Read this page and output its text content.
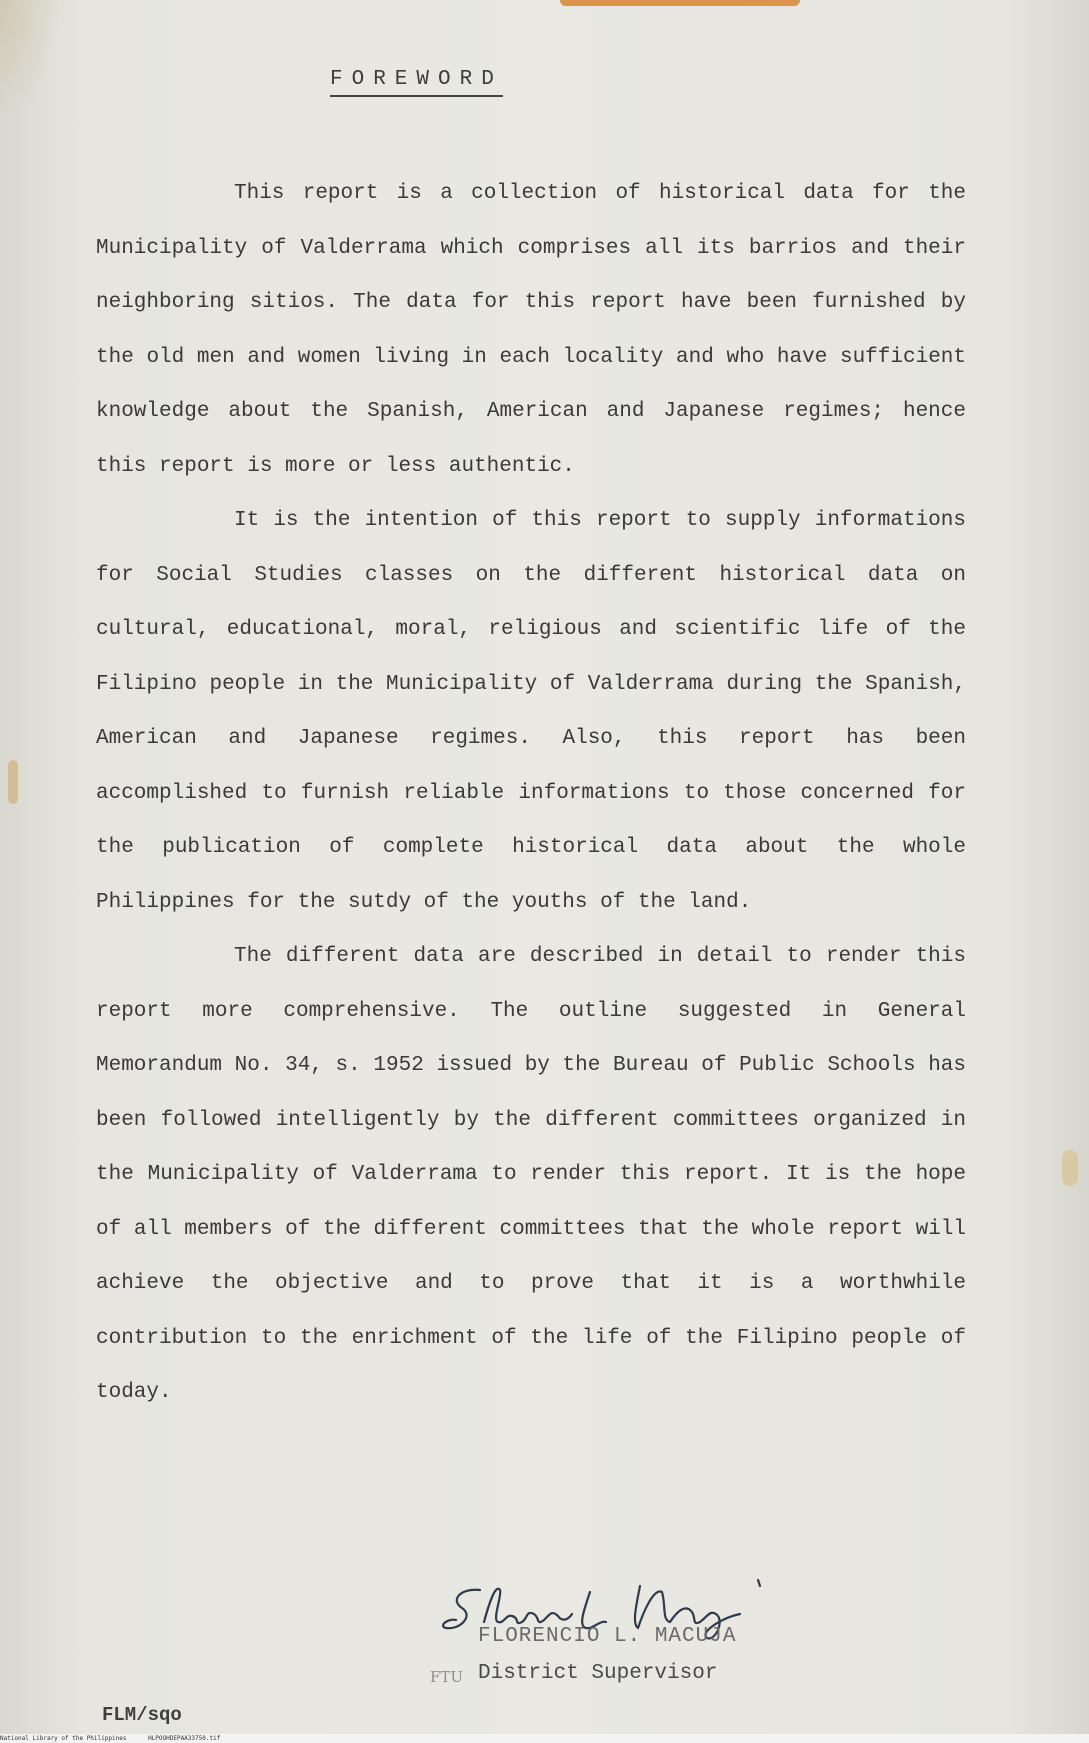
FOREWORD

This report is a collection of historical data for the Municipality of Valderrama which comprises all its barrios and their neighboring sitios. The data for this report have been furnished by the old men and women living in each locality and who have sufficient knowledge about the Spanish, American and Japanese regimes; hence this report is more or less authentic.

It is the intention of this report to supply informations for Social Studies classes on the different historical data on cultural, educational, moral, religious and scientific life of the Filipino people in the Municipality of Valderrama during the Spanish, American and Japanese regimes. Also, this report has been accomplished to furnish reliable informations to those concerned for the publication of complete historical data about the whole Philippines for the sutdy of the youths of the land.

The different data are described in detail to render this report more comprehensive. The outline suggested in General Memorandum No. 34, s. 1952 issued by the Bureau of Public Schools has been followed intelligently by the different committees organized in the Municipality of Valderrama to render this report. It is the hope of all members of the different committees that the whole report will achieve the objective and to prove that it is a worthwhile contribution to the enrichment of the life of the Filipino people of today.

FLORENCIO L. MACUJA
FTU District Supervisor
FLM/sqo
National Library of the Philippines	HLPOOHDEPAA33750.tif
